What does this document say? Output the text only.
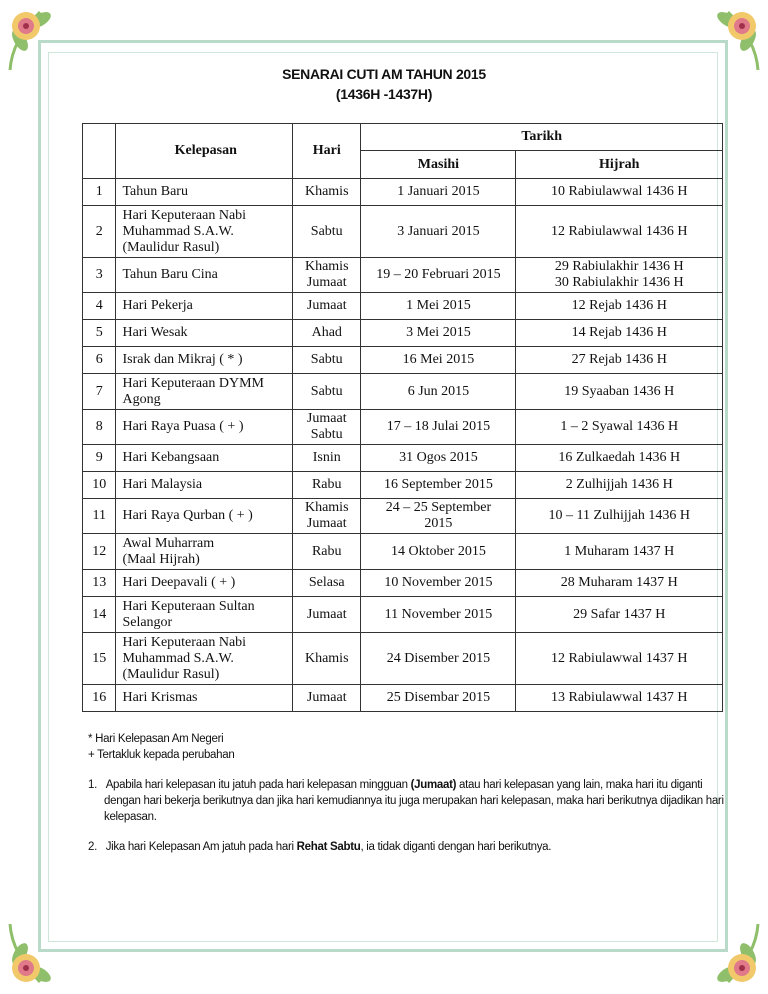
SENARAI CUTI AM TAHUN 2015
(1436H -1437H)
	Kelepasan	Hari	Tarikh	
			Masihi	Hijrah
1	Tahun Baru	Khamis	1 Januari 2015	10 Rabiulawwal 1436 H
2	Hari Keputeraan Nabi
Muhammad S.A.W.
(Maulidur Rasul)	Sabtu	3 Januari 2015	12 Rabiulawwal 1436 H
3	Tahun Baru Cina	Khamis
Jumaat	19 – 20 Februari 2015	29 Rabiulakhir 1436 H
30 Rabiulakhir 1436 H
4	Hari Pekerja	Jumaat	1 Mei 2015	12 Rejab 1436 H
5	Hari Wesak	Ahad	3 Mei 2015	14 Rejab 1436 H
6	Israk dan Mikraj ( * )	Sabtu	16 Mei 2015	27 Rejab 1436 H
7	Hari Keputeraan DYMM
Agong	Sabtu	6 Jun 2015	19 Syaaban 1436 H
8	Hari Raya Puasa ( + )	Jumaat
Sabtu	17 – 18 Julai 2015	1 – 2 Syawal 1436 H
9	Hari Kebangsaan	Isnin	31 Ogos 2015	16 Zulkaedah 1436 H
10	Hari Malaysia	Rabu	16 September 2015	2 Zulhijjah 1436 H
11	Hari Raya Qurban ( + )	Khamis
Jumaat	24 – 25 September
2015	10 – 11 Zulhijjah 1436 H
12	Awal Muharram
(Maal Hijrah)	Rabu	14 Oktober 2015	1 Muharam 1437 H
13	Hari Deepavali ( + )	Selasa	10 November 2015	28 Muharam 1437 H
14	Hari Keputeraan Sultan
Selangor	Jumaat	11 November 2015	29 Safar 1437 H
15	Hari Keputeraan Nabi
Muhammad S.A.W.
(Maulidur Rasul)	Khamis	24 Disember 2015	12 Rabiulawwal 1437 H
16	Hari Krismas	Jumaat	25 Disembar 2015	13 Rabiulawwal 1437 H

* Hari Kelepasan Am Negeri

+ Tertakluk kepada perubahan

1. Apabila hari kelepasan itu jatuh pada hari kelepasan mingguan (Jumaat) atau hari kelepasan yang lain, maka hari itu diganti dengan hari bekerja berikutnya dan jika hari kemudiannya itu juga merupakan hari kelepasan, maka hari berikutnya dijadikan hari kelepasan.

2. Jika hari Kelepasan Am jatuh pada hari Rehat Sabtu, ia tidak diganti dengan hari berikutnya.
